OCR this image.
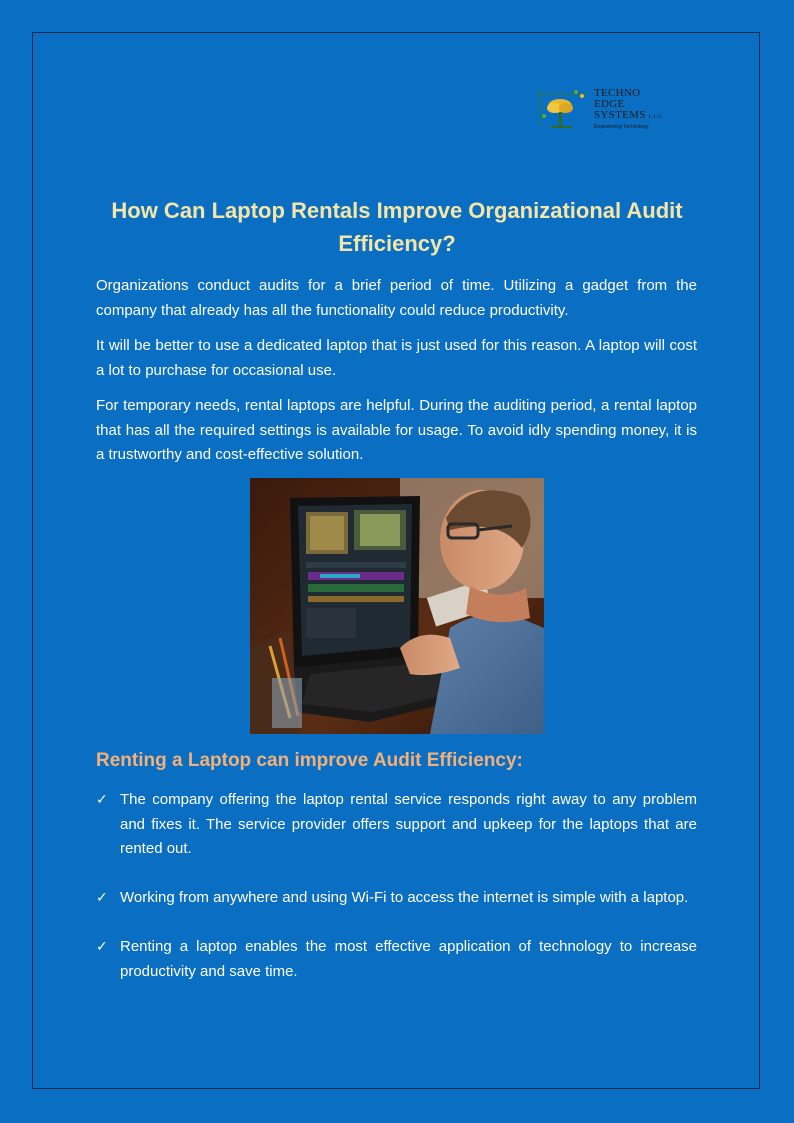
TECHNO
EDGE
SYSTEMS L.L.C
Empowering Technology
How Can Laptop Rentals Improve Organizational Audit Efficiency?

Organizations conduct audits for a brief period of time. Utilizing a gadget from the company that already has all the functionality could reduce productivity.

It will be better to use a dedicated laptop that is just used for this reason. A laptop will cost a lot to purchase for occasional use.

For temporary needs, rental laptops are helpful. During the auditing period, a rental laptop that has all the required settings is available for usage. To avoid idly spending money, it is a trustworthy and cost-effective solution.

Renting a Laptop can improve Audit Efficiency:
✓ The company offering the laptop rental service responds right away to any problem and fixes it. The service provider offers support and upkeep for the laptops that are rented out.
✓ Working from anywhere and using Wi-Fi to access the internet is simple with a laptop.
✓ Renting a laptop enables the most effective application of technology to increase productivity and save time.
